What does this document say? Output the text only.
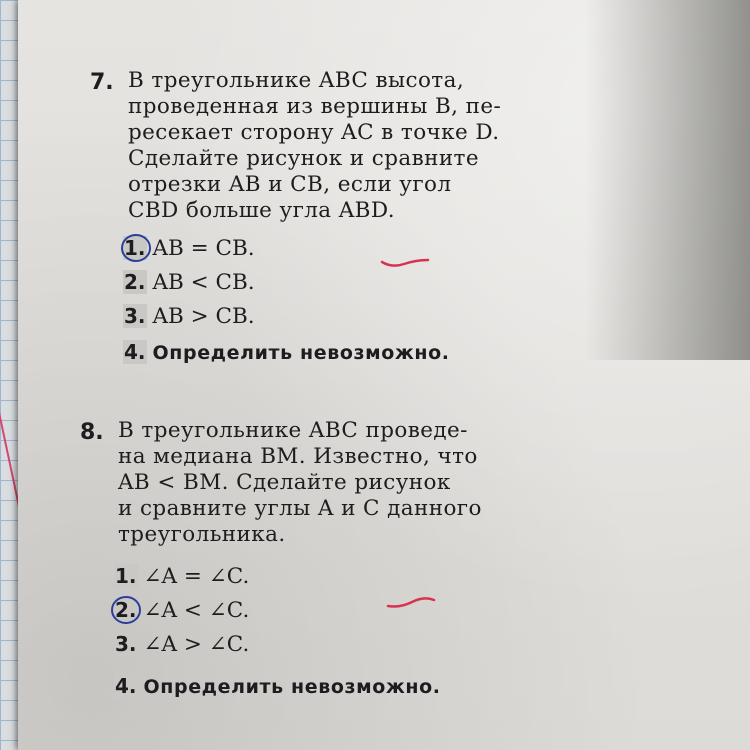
7. В треугольнике ABC высота,
проведенная из вершины B, пе-
ресекает сторону AC в точке D.
Сделайте рисунок и сравните
отрезки AB и CB, если угол
CBD больше угла ABD.
1. AB = CB.
2. AB < CB.
3. AB > CB.
4. Определить невозможно.
8. В треугольнике ABC проведе-
на медиана BM. Известно, что
AB < BM. Сделайте рисунок
и сравните углы A и C данного
треугольника.
1. ∠A = ∠C.
2. ∠A < ∠C.
3. ∠A > ∠C.
4. Определить невозможно.
